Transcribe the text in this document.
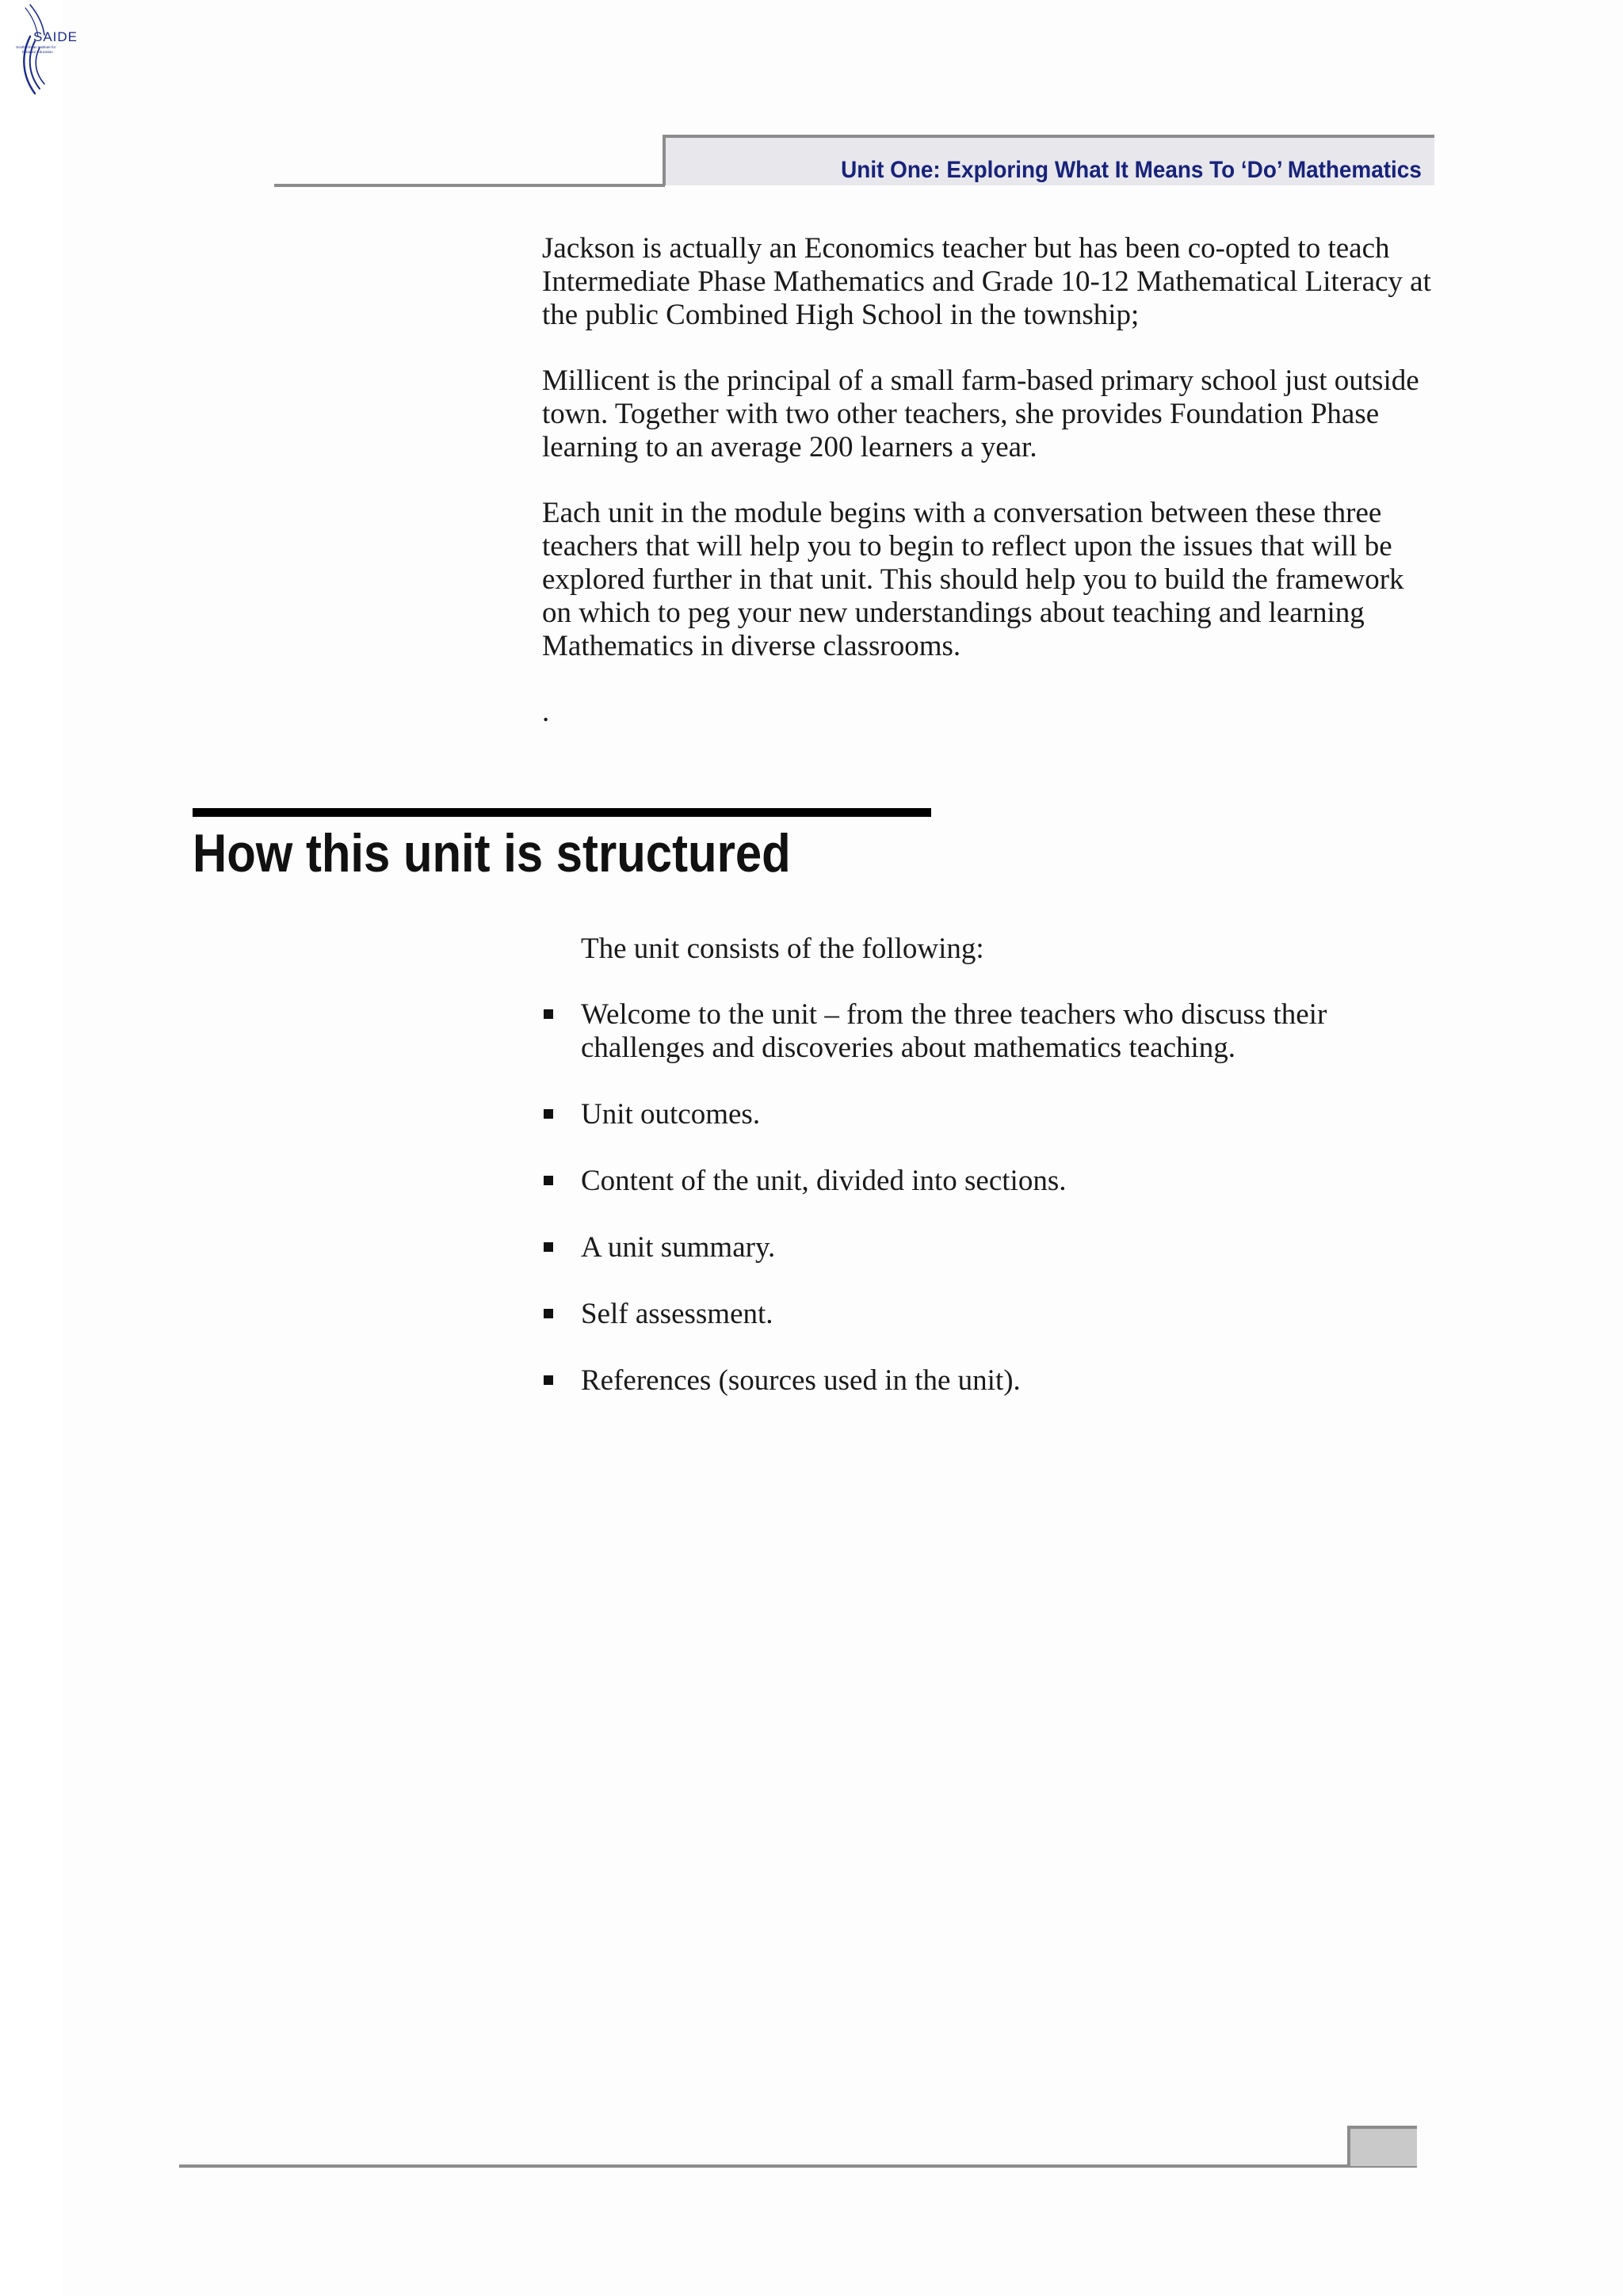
SAIDE
South African Institute for
Distance Education
Unit One: Exploring What It Means To ‘Do’ Mathematics

Jackson is actually an Economics teacher but has been co-opted to teach Intermediate Phase Mathematics and Grade 10-12 Mathematical Literacy at the public Combined High School in the township;

Millicent is the principal of a small farm-based primary school just outside town. Together with two other teachers, she provides Foundation Phase learning to an average 200 learners a year.

Each unit in the module begins with a conversation between these three teachers that will help you to begin to reflect upon the issues that will be explored further in that unit. This should help you to build the framework on which to peg your new understandings about teaching and learning Mathematics in diverse classrooms.

.

How this unit is structured

The unit consists of the following:

Welcome to the unit – from the three teachers who discuss their challenges and discoveries about mathematics teaching.
Unit outcomes.
Content of the unit, divided into sections.
A unit summary.
Self assessment.
References (sources used in the unit).
